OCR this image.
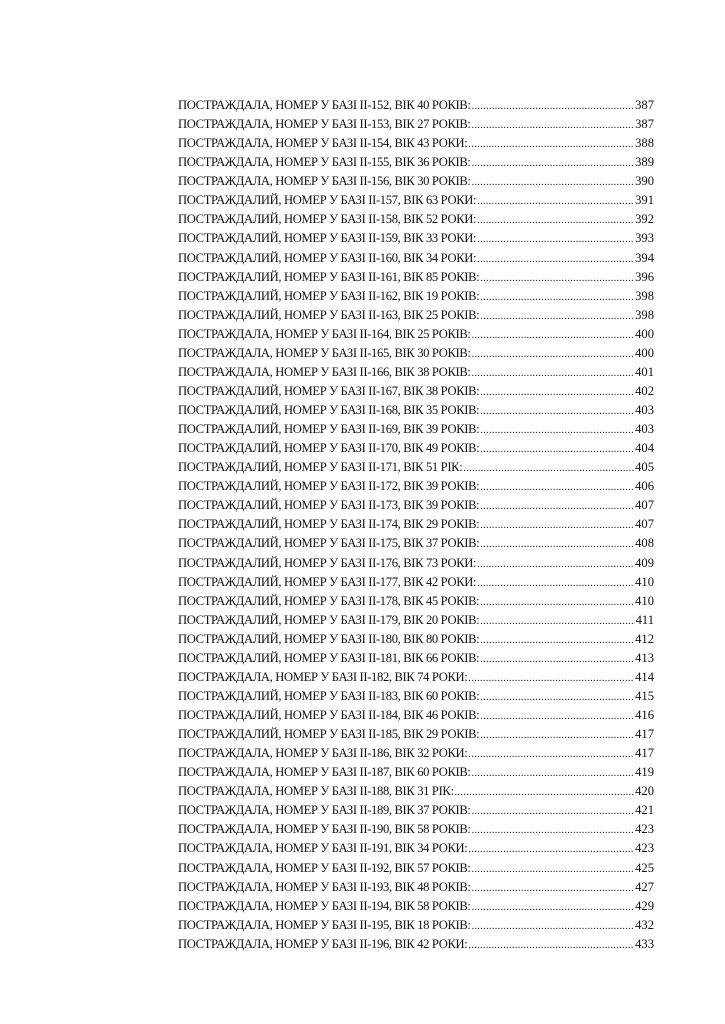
ПОСТРАЖДАЛА, НОМЕР У БАЗІ ІІ-152, ВІК 40 РОКІВ: .....	387
ПОСТРАЖДАЛА, НОМЕР У БАЗІ ІІ-153, ВІК 27 РОКІВ: .....	387
ПОСТРАЖДАЛА, НОМЕР У БАЗІ ІІ-154, ВІК 43 РОКИ: .....	388
ПОСТРАЖДАЛА, НОМЕР У БАЗІ ІІ-155, ВІК 36 РОКІВ: .....	389
ПОСТРАЖДАЛА, НОМЕР У БАЗІ ІІ-156, ВІК 30 РОКІВ: .....	390
ПОСТРАЖДАЛИЙ, НОМЕР У БАЗІ ІІ-157, ВІК 63 РОКИ: .....	391
ПОСТРАЖДАЛИЙ, НОМЕР У БАЗІ ІІ-158, ВІК 52 РОКИ: .....	392
ПОСТРАЖДАЛИЙ, НОМЕР У БАЗІ ІІ-159, ВІК 33 РОКИ: .....	393
ПОСТРАЖДАЛИЙ, НОМЕР У БАЗІ ІІ-160, ВІК 34 РОКИ: .....	394
ПОСТРАЖДАЛИЙ, НОМЕР У БАЗІ ІІ-161, ВІК 85 РОКІВ: .....	396
ПОСТРАЖДАЛИЙ, НОМЕР У БАЗІ ІІ-162, ВІК 19 РОКІВ: .....	398
ПОСТРАЖДАЛИЙ, НОМЕР У БАЗІ ІІ-163, ВІК 25 РОКІВ: .....	398
ПОСТРАЖДАЛА, НОМЕР У БАЗІ ІІ-164, ВІК 25 РОКІВ: .....	400
ПОСТРАЖДАЛА, НОМЕР У БАЗІ ІІ-165, ВІК 30 РОКІВ: .....	400
ПОСТРАЖДАЛА, НОМЕР У БАЗІ ІІ-166, ВІК 38 РОКІВ: .....	401
ПОСТРАЖДАЛИЙ, НОМЕР У БАЗІ ІІ-167, ВІК 38 РОКІВ: .....	402
ПОСТРАЖДАЛИЙ, НОМЕР У БАЗІ ІІ-168, ВІК 35 РОКІВ: .....	403
ПОСТРАЖДАЛИЙ, НОМЕР У БАЗІ ІІ-169, ВІК 39 РОКІВ: .....	403
ПОСТРАЖДАЛИЙ, НОМЕР У БАЗІ ІІ-170, ВІК 49 РОКІВ: .....	404
ПОСТРАЖДАЛИЙ, НОМЕР У БАЗІ ІІ-171, ВІК 51 РІК: .....	405
ПОСТРАЖДАЛИЙ, НОМЕР У БАЗІ ІІ-172, ВІК 39 РОКІВ: .....	406
ПОСТРАЖДАЛИЙ, НОМЕР У БАЗІ ІІ-173, ВІК 39 РОКІВ: .....	407
ПОСТРАЖДАЛИЙ, НОМЕР У БАЗІ ІІ-174, ВІК 29 РОКІВ: .....	407
ПОСТРАЖДАЛИЙ, НОМЕР У БАЗІ ІІ-175, ВІК 37 РОКІВ: .....	408
ПОСТРАЖДАЛИЙ, НОМЕР У БАЗІ ІІ-176, ВІК 73 РОКИ: .....	409
ПОСТРАЖДАЛИЙ, НОМЕР У БАЗІ ІІ-177, ВІК 42 РОКИ: .....	410
ПОСТРАЖДАЛИЙ, НОМЕР У БАЗІ ІІ-178, ВІК 45 РОКІВ: .....	410
ПОСТРАЖДАЛИЙ, НОМЕР У БАЗІ ІІ-179, ВІК 20 РОКІВ: .....	411
ПОСТРАЖДАЛИЙ, НОМЕР У БАЗІ ІІ-180, ВІК 80 РОКІВ: .....	412
ПОСТРАЖДАЛИЙ, НОМЕР У БАЗІ ІІ-181, ВІК 66 РОКІВ: .....	413
ПОСТРАЖДАЛА, НОМЕР У БАЗІ ІІ-182, ВІК 74 РОКИ: .....	414
ПОСТРАЖДАЛИЙ, НОМЕР У БАЗІ ІІ-183, ВІК 60 РОКІВ: .....	415
ПОСТРАЖДАЛИЙ, НОМЕР У БАЗІ ІІ-184, ВІК 46 РОКІВ: .....	416
ПОСТРАЖДАЛИЙ, НОМЕР У БАЗІ ІІ-185, ВІК 29 РОКІВ: .....	417
ПОСТРАЖДАЛА, НОМЕР У БАЗІ ІІ-186, ВІК 32 РОКИ: .....	417
ПОСТРАЖДАЛА, НОМЕР У БАЗІ ІІ-187, ВІК 60 РОКІВ: .....	419
ПОСТРАЖДАЛА, НОМЕР У БАЗІ ІІ-188, ВІК 31 РІК: .....	420
ПОСТРАЖДАЛА, НОМЕР У БАЗІ ІІ-189, ВІК 37 РОКІВ: .....	421
ПОСТРАЖДАЛА, НОМЕР У БАЗІ ІІ-190, ВІК 58 РОКІВ: .....	423
ПОСТРАЖДАЛА, НОМЕР У БАЗІ ІІ-191, ВІК 34 РОКИ: .....	423
ПОСТРАЖДАЛА, НОМЕР У БАЗІ ІІ-192, ВІК 57 РОКІВ: .....	425
ПОСТРАЖДАЛА, НОМЕР У БАЗІ ІІ-193, ВІК 48 РОКІВ: .....	427
ПОСТРАЖДАЛА, НОМЕР У БАЗІ ІІ-194, ВІК 58 РОКІВ: .....	429
ПОСТРАЖДАЛА, НОМЕР У БАЗІ ІІ-195, ВІК 18 РОКІВ: .....	432
ПОСТРАЖДАЛА, НОМЕР У БАЗІ ІІ-196, ВІК 42 РОКИ: .....	433
